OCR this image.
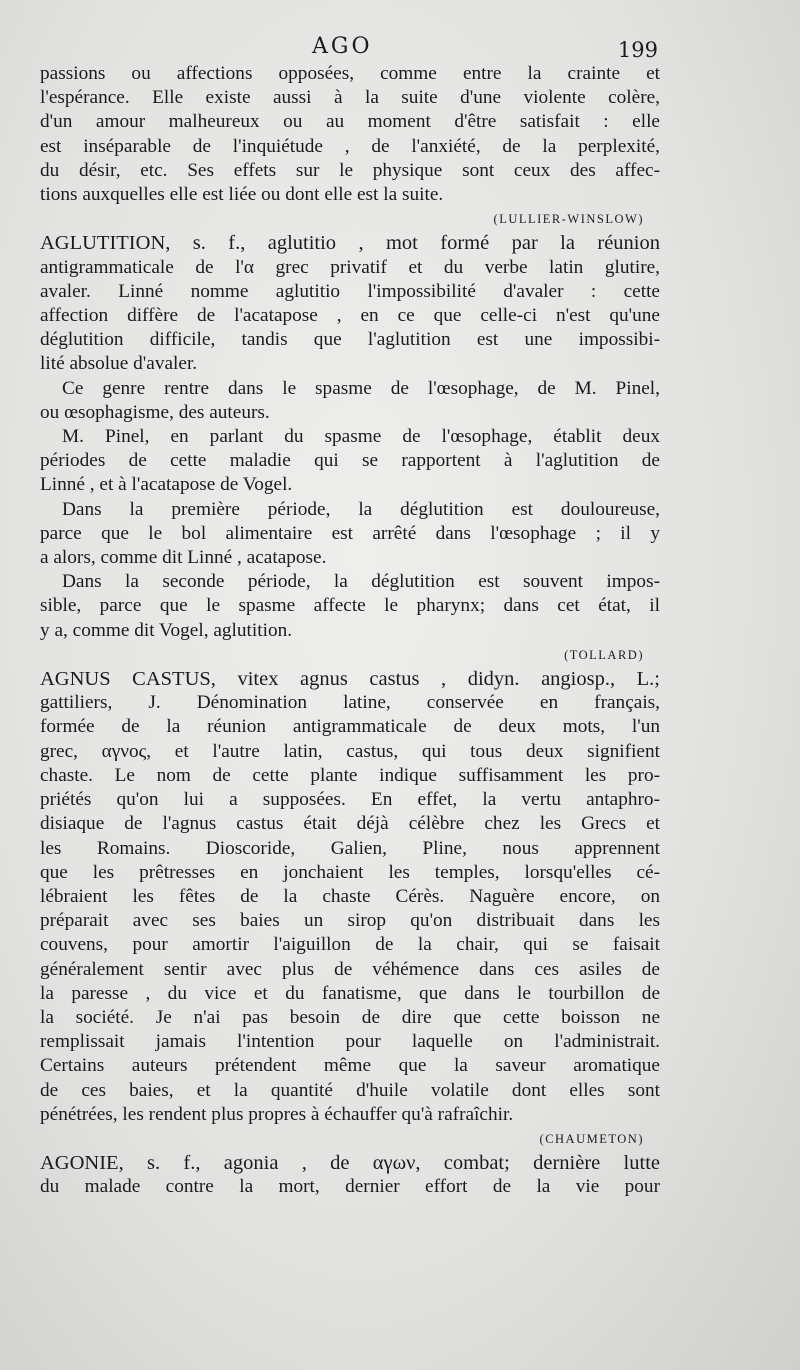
AGO	199

passions ou affections opposées, comme entre la crainte et

l'espérance. Elle existe aussi à la suite d'une violente colère,

d'un amour malheureux ou au moment d'être satisfait : elle

est inséparable de l'inquiétude , de l'anxiété, de la perplexité,

du désir, etc. Ses effets sur le physique sont ceux des affec-

tions auxquelles elle est liée ou dont elle est la suite.

(LULLIER-WINSLOW)

AGLUTITION, s. f., aglutitio , mot formé par la réunion

antigrammaticale de l'α grec privatif et du verbe latin glutire,

avaler. Linné nomme aglutitio l'impossibilité d'avaler : cette

affection diffère de l'acatapose , en ce que celle-ci n'est qu'une

déglutition difficile, tandis que l'aglutition est une impossibi-

lité absolue d'avaler.

Ce genre rentre dans le spasme de l'œsophage, de M. Pinel,

ou œsophagisme, des auteurs.

M. Pinel, en parlant du spasme de l'œsophage, établit deux

périodes de cette maladie qui se rapportent à l'aglutition de

Linné , et à l'acatapose de Vogel.

Dans la première période, la déglutition est douloureuse,

parce que le bol alimentaire est arrêté dans l'œsophage ; il y

a alors, comme dit Linné , acatapose.

Dans la seconde période, la déglutition est souvent impos-

sible, parce que le spasme affecte le pharynx; dans cet état, il

y a, comme dit Vogel, aglutition.

(TOLLARD)

AGNUS CASTUS, vitex agnus castus , didyn. angiosp., L.;

gattiliers, J. Dénomination latine, conservée en français,

formée de la réunion antigrammaticale de deux mots, l'un

grec, αγνος, et l'autre latin, castus, qui tous deux signifient

chaste. Le nom de cette plante indique suffisamment les pro-

priétés qu'on lui a supposées. En effet, la vertu antaphro-

disiaque de l'agnus castus était déjà célèbre chez les Grecs et

les Romains. Dioscoride, Galien, Pline, nous apprennent

que les prêtresses en jonchaient les temples, lorsqu'elles cé-

lébraient les fêtes de la chaste Cérès. Naguère encore, on

préparait avec ses baies un sirop qu'on distribuait dans les

couvens, pour amortir l'aiguillon de la chair, qui se faisait

généralement sentir avec plus de véhémence dans ces asiles de

la paresse , du vice et du fanatisme, que dans le tourbillon de

la société. Je n'ai pas besoin de dire que cette boisson ne

remplissait jamais l'intention pour laquelle on l'administrait.

Certains auteurs prétendent même que la saveur aromatique

de ces baies, et la quantité d'huile volatile dont elles sont

pénétrées, les rendent plus propres à échauffer qu'à rafraîchir.

(CHAUMETON)

AGONIE, s. f., agonia , de αγων, combat; dernière lutte

du malade contre la mort, dernier effort de la vie pour
